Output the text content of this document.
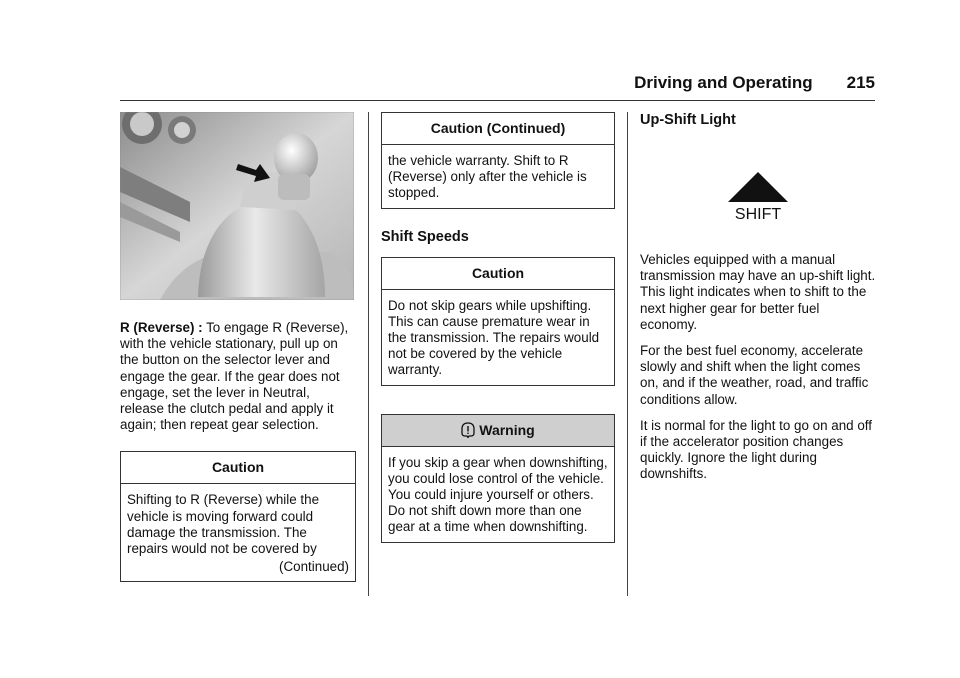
Driving and Operating 215

R (Reverse) : To engage R (Reverse), with the vehicle stationary, pull up on the button on the selector lever and engage the gear. If the gear does not engage, set the lever in Neutral, release the clutch pedal and apply it again; then repeat gear selection.

Caution
Shifting to R (Reverse) while the vehicle is moving forward could damage the transmission. The repairs would not be covered by
(Continued)
Caution (Continued)
the vehicle warranty. Shift to R (Reverse) only after the vehicle is stopped.
Shift Speeds
Caution
Do not skip gears while upshifting. This can cause premature wear in the transmission. The repairs would not be covered by the vehicle warranty.
Warning
If you skip a gear when downshifting, you could lose control of the vehicle. You could injure yourself or others. Do not shift down more than one gear at a time when downshifting.
Up-Shift Light
SHIFT

Vehicles equipped with a manual transmission may have an up-shift light. This light indicates when to shift to the next higher gear for better fuel economy.

For the best fuel economy, accelerate slowly and shift when the light comes on, and if the weather, road, and traffic conditions allow.

It is normal for the light to go on and off if the accelerator position changes quickly. Ignore the light during downshifts.
